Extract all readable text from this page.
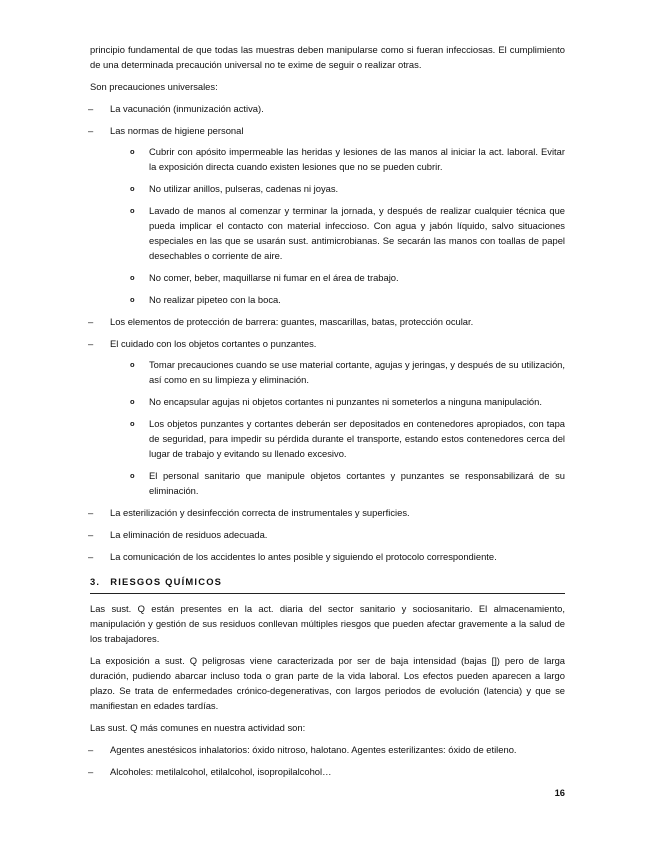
principio fundamental de que todas las muestras deben manipularse como si fueran infecciosas. El cumplimiento de una determinada precaución universal no te exime de seguir o realizar otras.

Son precauciones universales:

– La vacunación (inmunización activa).
– Las normas de higiene personal
o Cubrir con apósito impermeable las heridas y lesiones de las manos al iniciar la act. laboral. Evitar la exposición directa cuando existen lesiones que no se pueden cubrir.

o No utilizar anillos, pulseras, cadenas ni joyas.

o Lavado de manos al comenzar y terminar la jornada, y después de realizar cualquier técnica que pueda implicar el contacto con material infeccioso. Con agua y jabón líquido, salvo situaciones especiales en las que se usarán sust. antimicrobianas. Se secarán las manos con toallas de papel desechables o corriente de aire.

o No comer, beber, maquillarse ni fumar en el área de trabajo.

o No realizar pipeteo con la boca.

– Los elementos de protección de barrera: guantes, mascarillas, batas, protección ocular.
– El cuidado con los objetos cortantes o punzantes.
o Tomar precauciones cuando se use material cortante, agujas y jeringas, y después de su utilización, así como en su limpieza y eliminación.

o No encapsular agujas ni objetos cortantes ni punzantes ni someterlos a ninguna manipulación.

o Los objetos punzantes y cortantes deberán ser depositados en contenedores apropiados, con tapa de seguridad, para impedir su pérdida durante el transporte, estando estos contenedores cerca del lugar de trabajo y evitando su llenado excesivo.

o El personal sanitario que manipule objetos cortantes y punzantes se responsabilizará de su eliminación.

– La esterilización y desinfección correcta de instrumentales y superficies.
– La eliminación de residuos adecuada.
– La comunicación de los accidentes lo antes posible y siguiendo el protocolo correspondiente.
3. RIESGOS QUÍMICOS

Las sust. Q están presentes en la act. diaria del sector sanitario y sociosanitario. El almacenamiento, manipulación y gestión de sus residuos conllevan múltiples riesgos que pueden afectar gravemente a la salud de los trabajadores.

La exposición a sust. Q peligrosas viene caracterizada por ser de baja intensidad (bajas []) pero de larga duración, pudiendo abarcar incluso toda o gran parte de la vida laboral. Los efectos pueden aparecen a largo plazo. Se trata de enfermedades crónico-degenerativas, con largos periodos de evolución (latencia) y que se manifiestan en edades tardías.

Las sust. Q más comunes en nuestra actividad son:

– Agentes anestésicos inhalatorios: óxido nitroso, halotano. Agentes esterilizantes: óxido de etileno.
– Alcoholes: metilalcohol, etilalcohol, isopropilalcohol…
16
